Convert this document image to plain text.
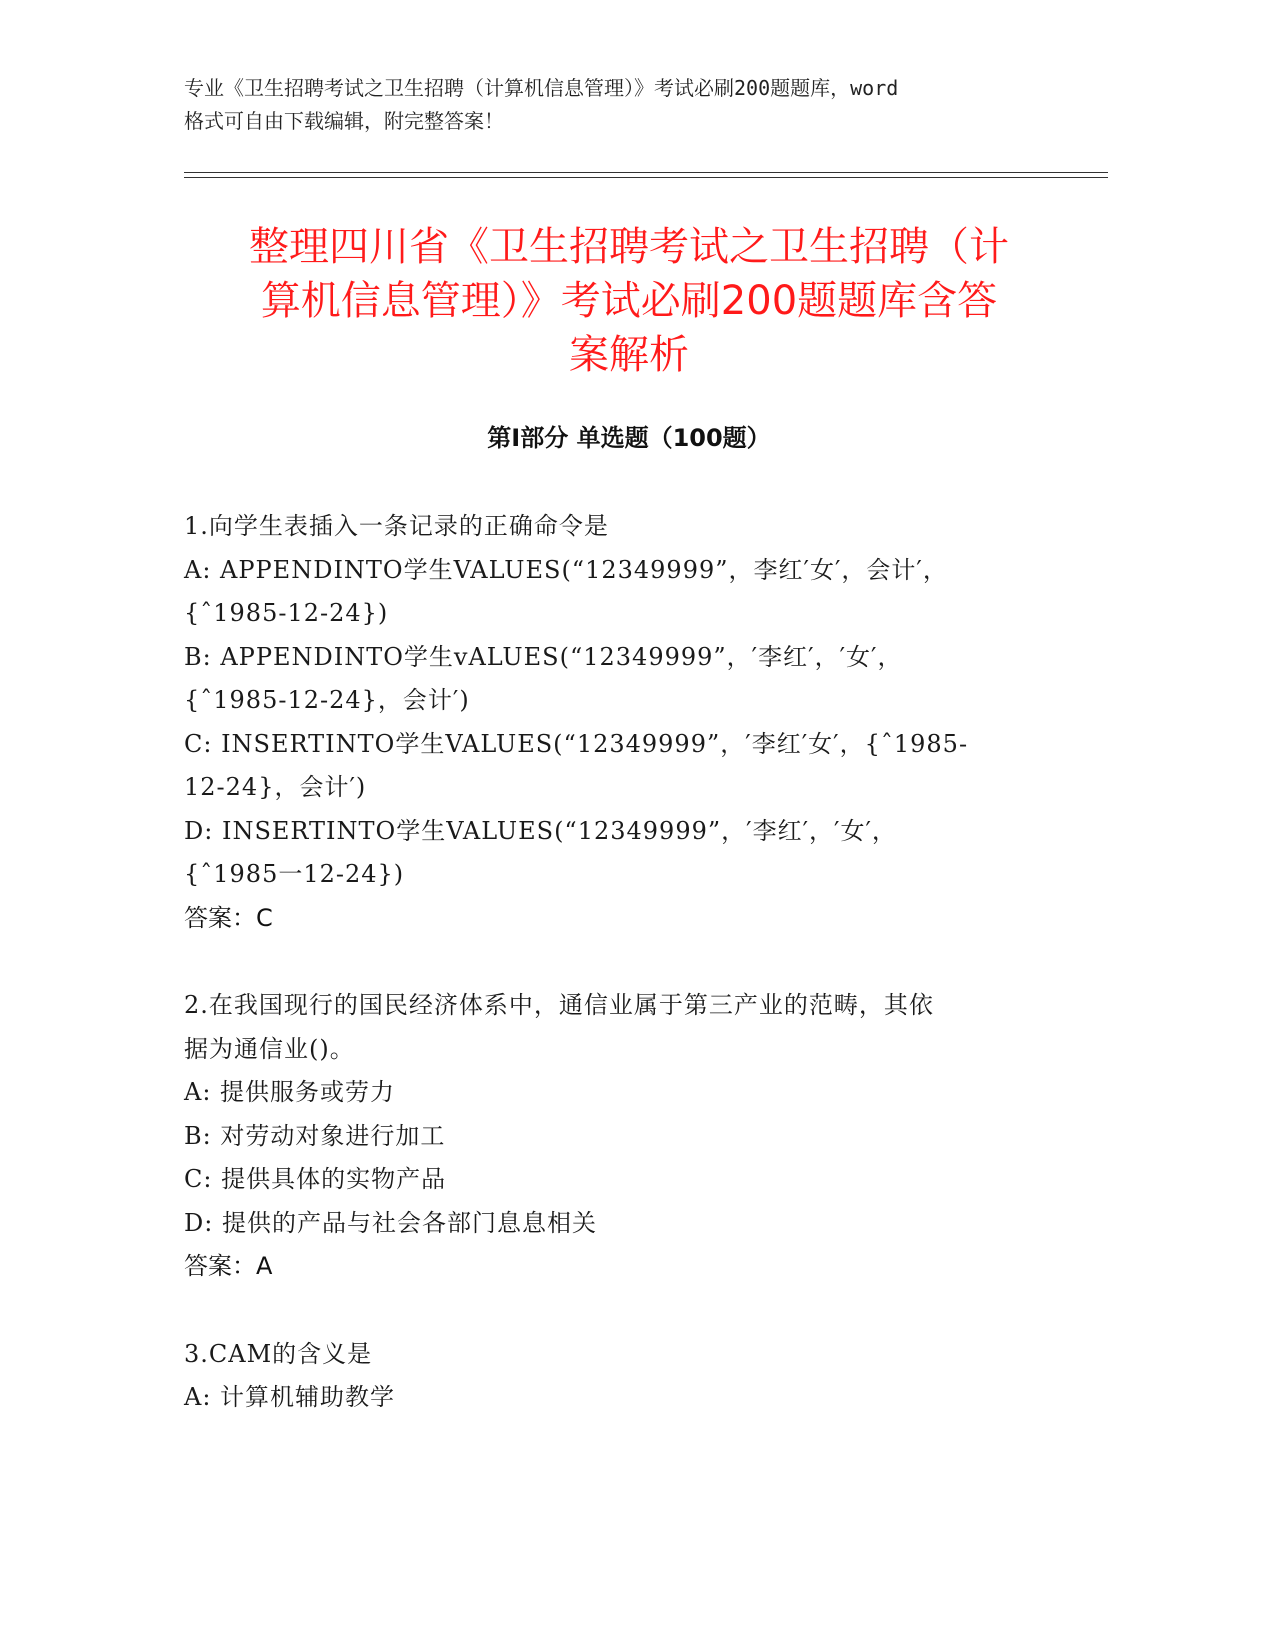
专业《卫生招聘考试之卫生招聘（计算机信息管理）》考试必刷200题题库，word
格式可自由下载编辑，附完整答案！
整理四川省《卫生招聘考试之卫生招聘（计
算机信息管理）》考试必刷200题题库含答
案解析
第Ⅰ部分 单选题（100题）
1.向学生表插入一条记录的正确命令是
A: APPENDINTO学生VALUES(“12349999”，李红′女′，会计′，
{ˆ1985-12-24})
B: APPENDINTO学生vALUES(“12349999”，′李红′，′女′，
{ˆ1985-12-24}，会计′)
C: INSERTINTO学生VALUES(“12349999”，′李红′女′，{ˆ1985-
12-24}，会计′)
D: INSERTINTO学生VALUES(“12349999”，′李红′，′女′，
{ˆ1985一12-24})
答案：C
2.在我国现行的国民经济体系中，通信业属于第三产业的范畴，其依
据为通信业()。
A: 提供服务或劳力
B: 对劳动对象进行加工
C: 提供具体的实物产品
D: 提供的产品与社会各部门息息相关
答案：A
3.CAM的含义是
A: 计算机辅助教学
